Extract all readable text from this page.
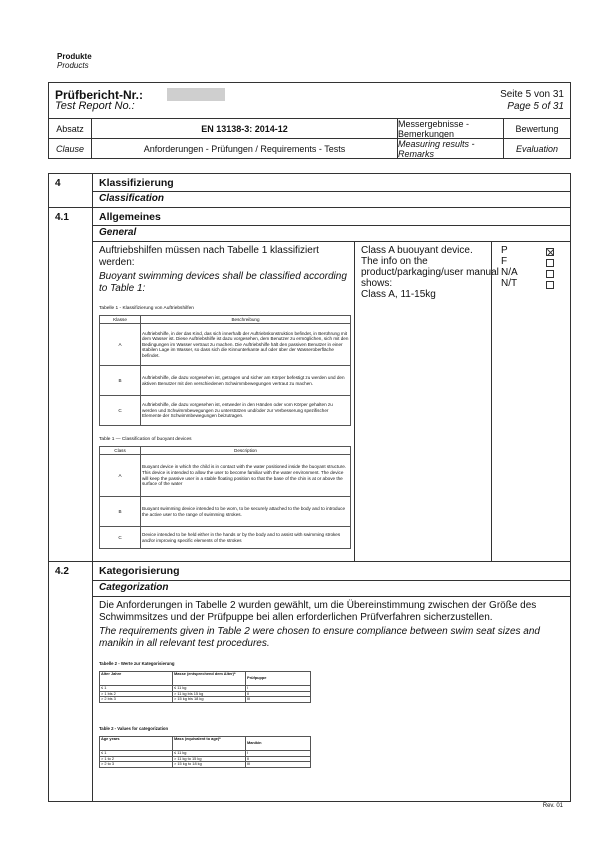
Produkte
Products
Prüfbericht-Nr.:
Test Report No.:
Seite 5 von 31
Page 5 of 31
Absatz	EN 13138-3: 2014-12	Messergebnisse - Bemerkungen	Bewertung
Clause	Anforderungen - Prüfungen / Requirements - Tests	Measuring results - Remarks	Evaluation
4	Klassifizierung
Classification
4.1	Allgemeines
General
Auftriebshilfen müssen nach Tabelle 1 klassifiziert werden:
Buoyant swimming devices shall be classified according to Table 1:
Class A buouyant device.
The info on the
product/parkaging/user manual
shows:
Class A, 11-15kg
P
F
N/A
N/T
Tabelle 1 - Klassifizierung von Auftriebshilfen
Klasse	Beschreibung
A	Auftriebshilfe, in der das Kind, das sich innerhalb der Auftriebskonstruktion befindet, in Berührung mit dem Wasser ist. Diese Auftriebshilfe ist dazu vorgesehen, dem Benutzer zu ermöglichen, sich mit den Bedingungen im Wasser vertraut zu machen. Die Auftriebshilfe hält den passiven Benutzer in einer stabilen Lage im Wasser, so dass sich die Kinnunterkante auf oder über der Wasseroberfläche befindet.
B	Auftriebshilfe, die dazu vorgesehen ist, getragen und sicher am Körper befestigt zu werden und den aktiven Benutzer mit den verschiedenen Schwimmbewegungen vertraut zu machen.
C	Auftriebshilfe, die dazu vorgesehen ist, entweder in den Händen oder vom Körper gehalten zu werden und Schwimmbewegungen zu unterstützen und/oder zur Verbesserung spezifischer Elemente der Schwimmbewegungen beizutragen.
Table 1 — Classification of buoyant devices
Class	Description
A	Buoyant device in which the child is in contact with the water positioned inside the buoyant structure. This device is intended to allow the user to become familiar with the water environment. The device will keep the passive user in a stable floating position so that the base of the chin is at or above the surface of the water
B	Buoyant swimming device intended to be worn, to be securely attached to the body and to introduce the active user to the range of swimming strokes.
C	Device intended to be held either in the hands or by the body and to assist with swimming strokes and/or improving specific elements of the strokes
4.2	Kategorisierung
Categorization
Die Anforderungen in Tabelle 2 wurden gewählt, um die Übereinstimmung zwischen der Größe des Schwimmsitzes und der Prüfpuppe bei allen erforderlichen Prüfverfahren sicherzustellen.
The requirements given in Table 2 were chosen to ensure compliance between swim seat sizes and manikin in all relevant test procedures.
Tabelle 2 - Werte zur Kategorisierung
Alter Jahre	Masse (entsprechend dem Alter)ᵃ	Prüfpuppe
≤ 1	≤ 11 kg	I
> 1 bis 2	> 11 kg bis 15 kg	II
> 2 bis 3	> 15 kg bis 18 kg	III
Table 2 - Values for categorization
Age years	Mass (equivalent to age)ᵃ	Manikin
≤ 1	≤ 11 kg	I
> 1 to 2	> 11 kg to 15 kg	II
> 2 to 3	> 15 kg to 18 kg	III
Rev. 01
